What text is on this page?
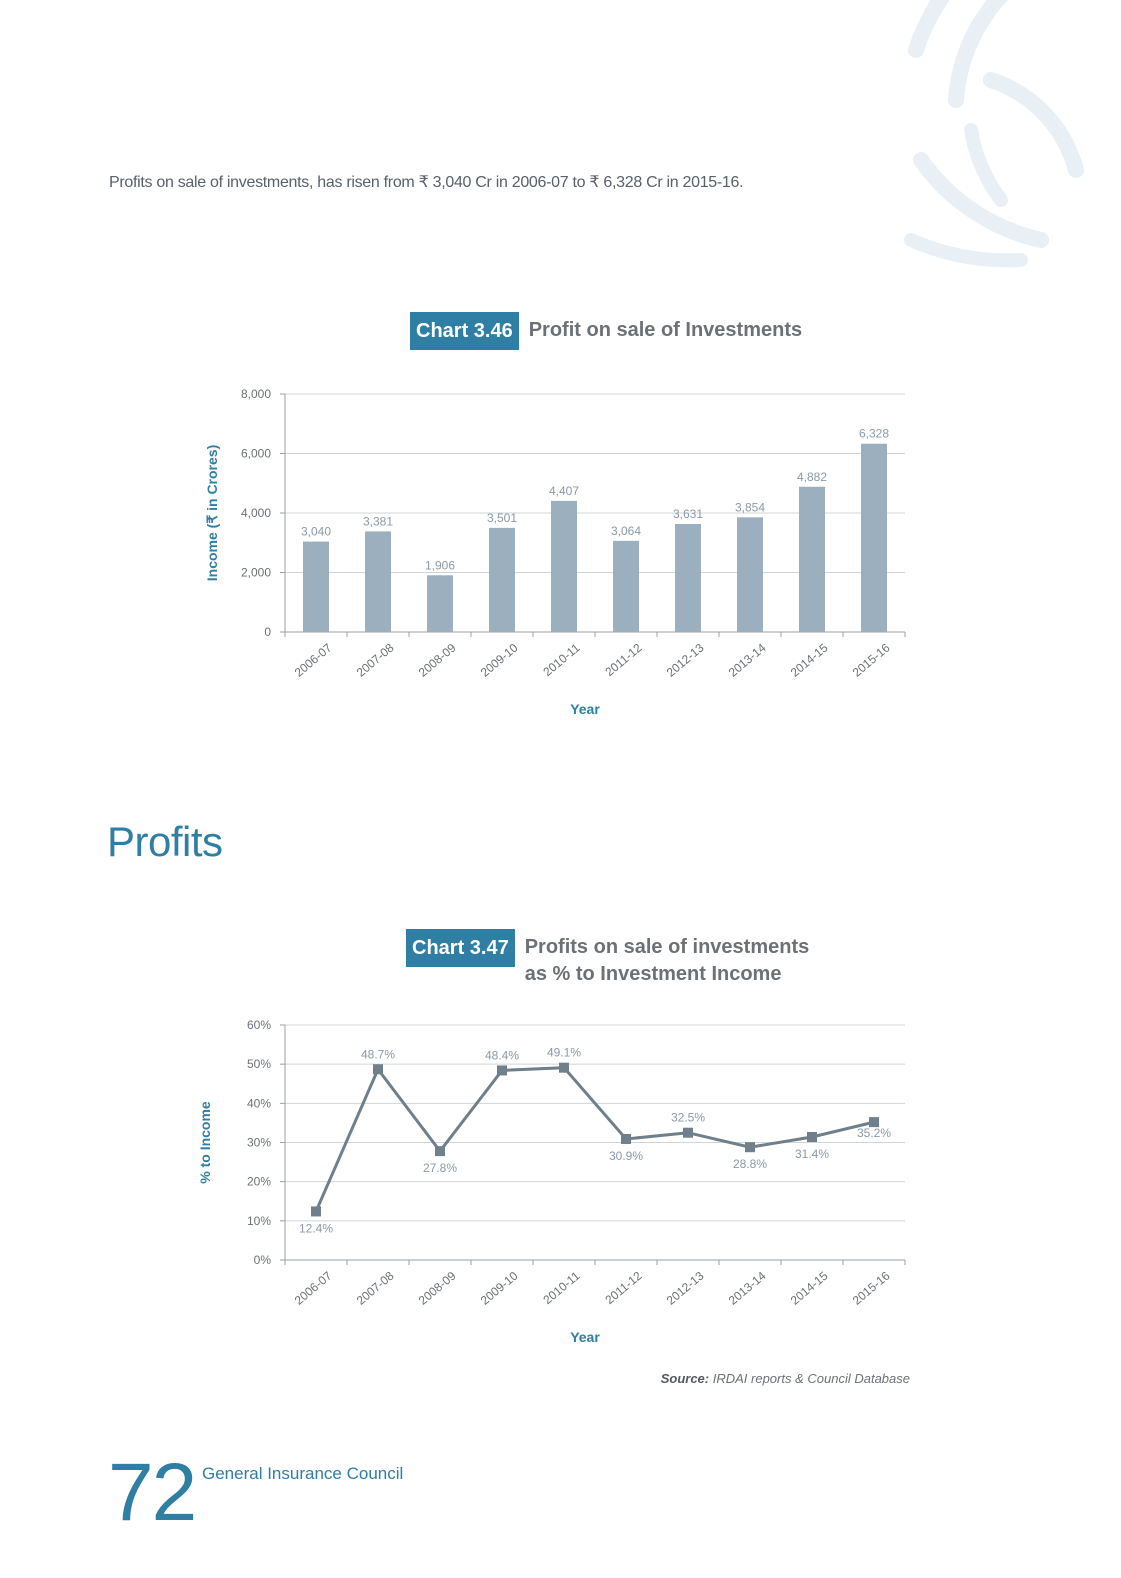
Profits on sale of investments, has risen from ₹ 3,040 Cr in 2006-07 to ₹ 6,328 Cr in 2015-16.
Chart 3.46 Profit on sale of Investments
0
2,000
4,000
6,000
8,000
2006-07 2007-08 2008-09 2009-10 2010-11 2011-12 2012-13 2013-14 2014-15 2015-16
Year
Income (₹ in Crores)	3,040
3,381
1,906
3,501
4,407
3,064
3,631	3,854
4,882
6,328
Profits
Chart 3.47 Profits on sale of investments
as % to Investment Income
0%
10%
20%
30%
40%
50%
60%
2006-07 2007-08 2008-09 2009-10 2010-11 2011-12 2012-13 2013-14 2014-15 2015-16
Year
% to Income
12.4%
48.7%
27.8%
48.4% 49.1%
30.9%
32.5%
28.8%
31.4%
35.2%
Source: IRDAI reports & Council Database
72 General Insurance Council
